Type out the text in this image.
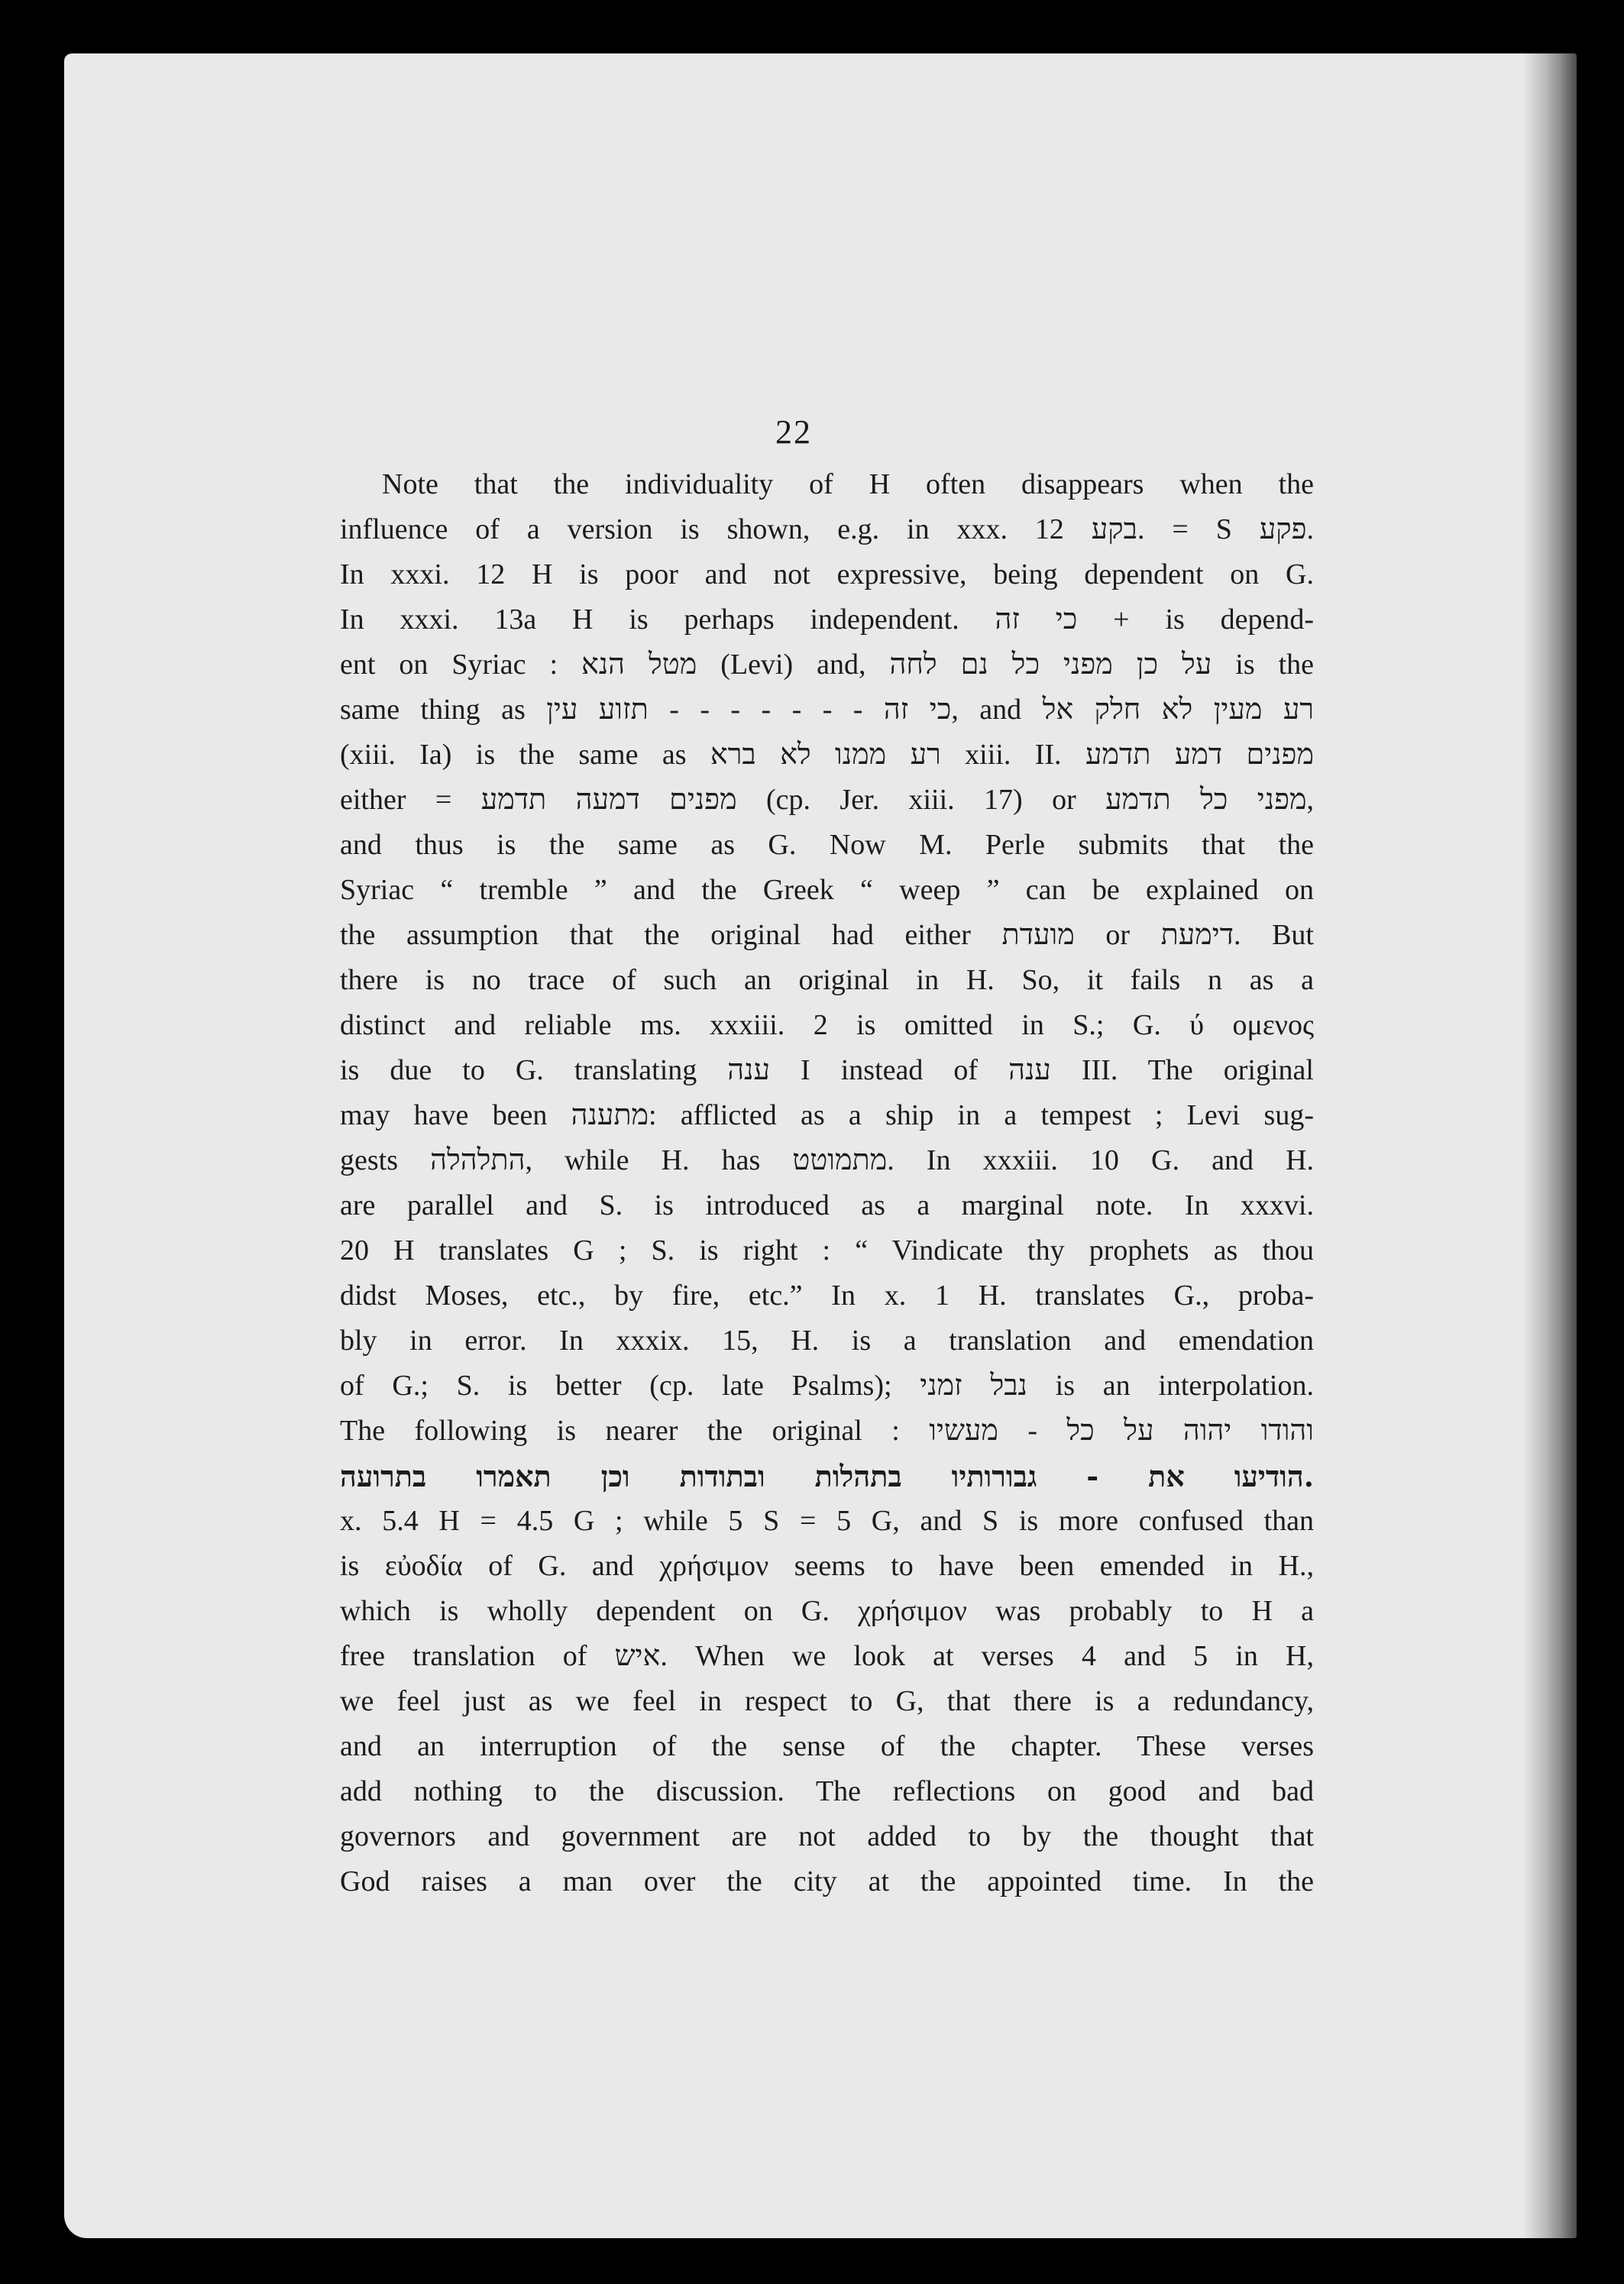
22
Note that the individuality of H often disappears when the
influence of a version is shown, e.g. in xxx. 12 בקע. = S פקע.
In xxxi. 12 H is poor and not expressive, being dependent on G.
In xxxi. 13a H is perhaps independent. כי זה + is depend-
ent on Syriac : מטל הנא (Levi) and, על כן מפני כל נם לחה is the
same thing as כי זה - - - - - - - תזוע עין, and רע מעין לא חלק אל
(xiii. Ia) is the same as רע ממנו לא ברא xiii. II. מפנים דמע תדמע
either = מפנים דמעה תדמע (cp. Jer. xiii. 17) or מפני כל תדמע,
and thus is the same as G. Now M. Perle submits that the
Syriac “ tremble ” and the Greek “ weep ” can be explained on
the assumption that the original had either מועדת or דימעת. But
there is no trace of such an original in H. So, it fails n as a
distinct and reliable ms. xxxiii. 2 is omitted in S.; G. ύ ομενος
is due to G. translating ענה I instead of ענה III. The original
may have been מתענה: afflicted as a ship in a tempest ; Levi sug-
gests התלהלה, while H. has מתמוטט. In xxxiii. 10 G. and H.
are parallel and S. is introduced as a marginal note. In xxxvi.
20 H translates G ; S. is right : “ Vindicate thy prophets as thou
didst Moses, etc., by fire, etc.” In x. 1 H. translates G., proba-
bly in error. In xxxix. 15, H. is a translation and emendation
of G.; S. is better (cp. late Psalms); נבל זמני is an interpolation.
The following is nearer the original : והודו יהוה על כל - מעשיו
הודיעו את - גבורותיו בתהלות ובתודות וכן תאמרו בתרועה.
x. 5.4 H = 4.5 G ; while 5 S = 5 G, and S is more confused than
is εὐοδία of G. and χρήσιμον seems to have been emended in H.,
which is wholly dependent on G. χρήσιμον was probably to H a
free translation of איש. When we look at verses 4 and 5 in H,
we feel just as we feel in respect to G, that there is a redundancy,
and an interruption of the sense of the chapter. These verses
add nothing to the discussion. The reflections on good and bad
governors and government are not added to by the thought that
God raises a man over the city at the appointed time. In the
